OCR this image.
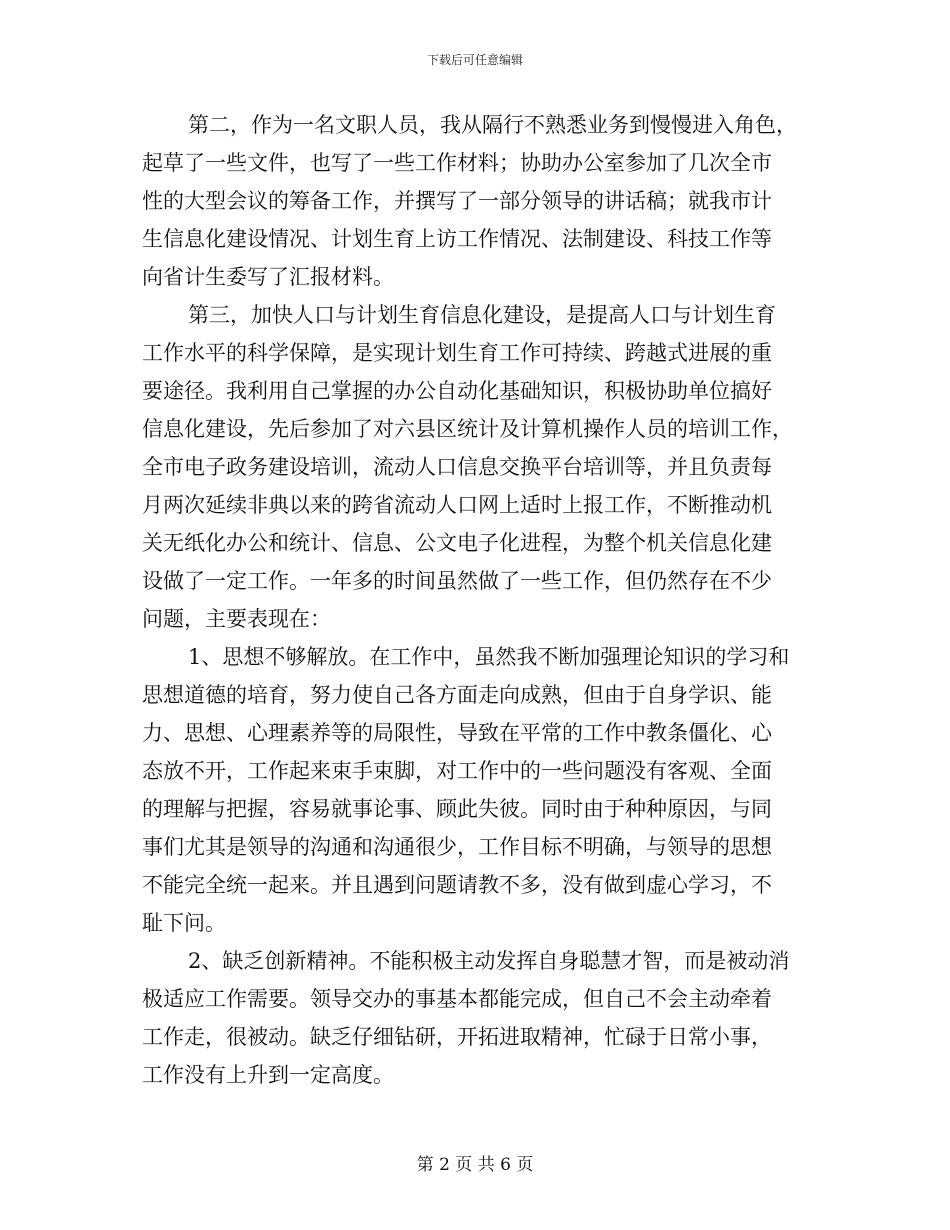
下载后可任意编辑
第二，作为一名文职人员，我从隔行不熟悉业务到慢慢进入角色，
起草了一些文件，也写了一些工作材料；协助办公室参加了几次全市
性的大型会议的筹备工作，并撰写了一部分领导的讲话稿；就我市计
生信息化建设情况、计划生育上访工作情况、法制建设、科技工作等
向省计生委写了汇报材料。
第三，加快人口与计划生育信息化建设，是提高人口与计划生育
工作水平的科学保障，是实现计划生育工作可持续、跨越式进展的重
要途径。我利用自己掌握的办公自动化基础知识，积极协助单位搞好
信息化建设，先后参加了对六县区统计及计算机操作人员的培训工作，
全市电子政务建设培训，流动人口信息交换平台培训等，并且负责每
月两次延续非典以来的跨省流动人口网上适时上报工作，不断推动机
关无纸化办公和统计、信息、公文电子化进程，为整个机关信息化建
设做了一定工作。一年多的时间虽然做了一些工作，但仍然存在不少
问题，主要表现在：
1、思想不够解放。在工作中，虽然我不断加强理论知识的学习和
思想道德的培育，努力使自己各方面走向成熟，但由于自身学识、能
力、思想、心理素养等的局限性，导致在平常的工作中教条僵化、心
态放不开，工作起来束手束脚，对工作中的一些问题没有客观、全面
的理解与把握，容易就事论事、顾此失彼。同时由于种种原因，与同
事们尤其是领导的沟通和沟通很少，工作目标不明确，与领导的思想
不能完全统一起来。并且遇到问题请教不多，没有做到虚心学习，不
耻下问。
2、缺乏创新精神。不能积极主动发挥自身聪慧才智，而是被动消
极适应工作需要。领导交办的事基本都能完成，但自己不会主动牵着
工作走，很被动。缺乏仔细钻研，开拓进取精神，忙碌于日常小事，
工作没有上升到一定高度。
第 2 页 共 6 页
